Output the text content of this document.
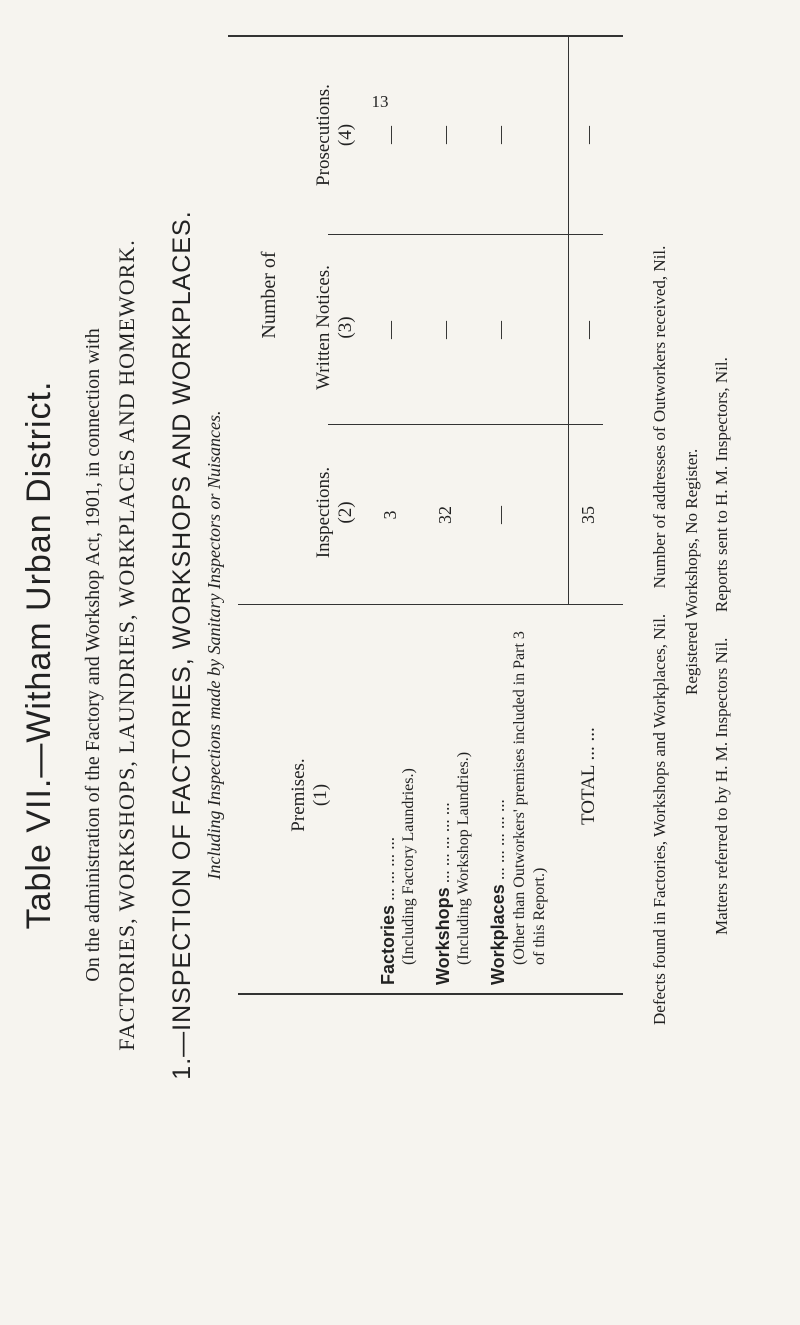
13
Table VII.—Witham Urban District. On the administration of the Factory and Workshop Act, 1901, in connection with FACTORIES, WORKSHOPS, LAUNDRIES, WORKPLACES AND HOMEWORK. 1.—INSPECTION OF FACTORIES, WORKSHOPS AND WORKPLACES. Including Inspections made by Sanitary Inspectors or Nuisances.
Number of
Premises. (1)
Inspections. (2)
Written Notices. (3)
Prosecutions. (4)
Factories ... ... ... ... (Including Factory Laundries.)
3
—
—
Workshops ... ... ... ... ... (Including Workshop Laundries.)
32
—
—
Workplaces ... ... ... ... ... (Other than Outworkers' premises included in Part 3 of this Report.)
—
—
—
TOTAL ... ...
35
—
—
Defects found in Factories, Workshops and Workplaces, Nil.      Number of addresses of Outworkers received, Nil. Registered Workshops, No Register. Matters referred to by H. M. Inspectors Nil.      Reports sent to H. M. Inspectors, Nil.
